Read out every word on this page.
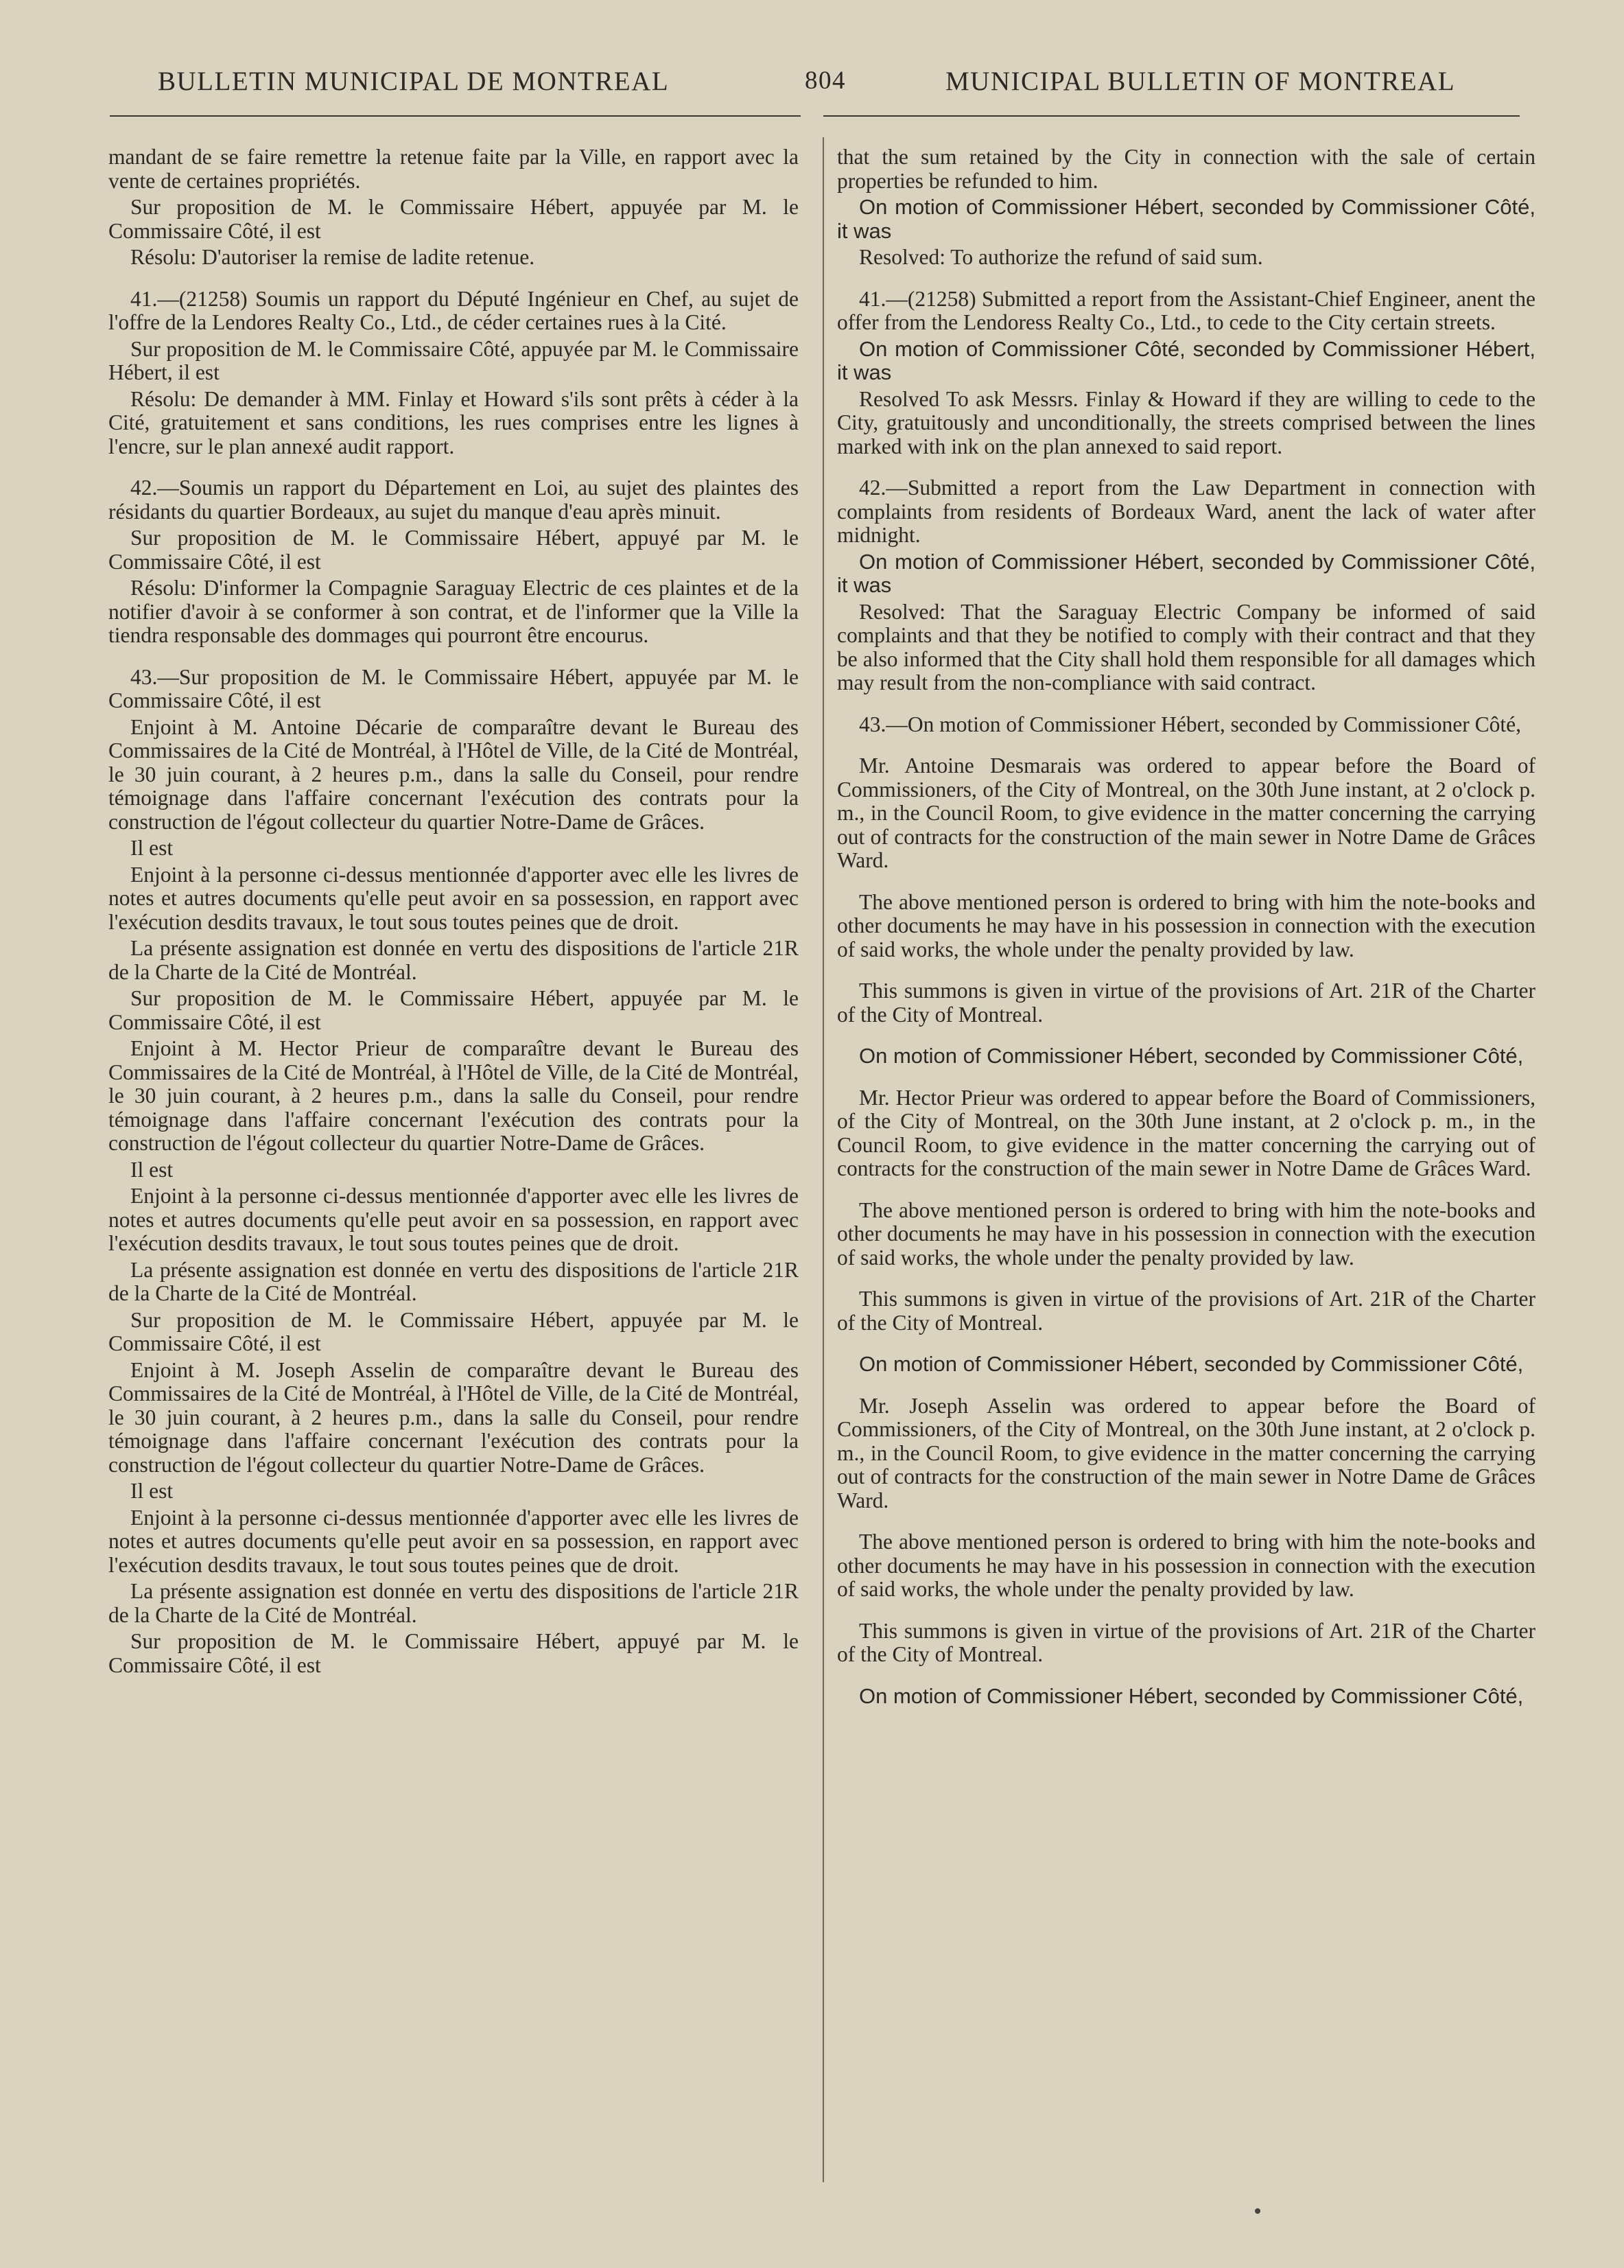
BULLETIN MUNICIPAL DE MONTREAL	804	MUNICIPAL BULLETIN OF MONTREAL

mandant de se faire remettre la retenue faite par la Ville, en rapport avec la vente de certaines propriétés.

Sur proposition de M. le Commissaire Hébert, appuyée par M. le Commissaire Côté, il est

Résolu: D'autoriser la remise de ladite retenue.

41.—(21258) Soumis un rapport du Député Ingénieur en Chef, au sujet de l'offre de la Lendores Realty Co., Ltd., de céder certaines rues à la Cité.

Sur proposition de M. le Commissaire Côté, appuyée par M. le Commissaire Hébert, il est

Résolu: De demander à MM. Finlay et Howard s'ils sont prêts à céder à la Cité, gratuitement et sans conditions, les rues comprises entre les lignes à l'encre, sur le plan annexé audit rapport.

42.—Soumis un rapport du Département en Loi, au sujet des plaintes des résidants du quartier Bordeaux, au sujet du manque d'eau après minuit.

Sur proposition de M. le Commissaire Hébert, appuyé par M. le Commissaire Côté, il est

Résolu: D'informer la Compagnie Saraguay Electric de ces plaintes et de la notifier d'avoir à se conformer à son contrat, et de l'informer que la Ville la tiendra responsable des dommages qui pourront être encourus.

43.—Sur proposition de M. le Commissaire Hébert, appuyée par M. le Commissaire Côté, il est

Enjoint à M. Antoine Décarie de comparaître devant le Bureau des Commissaires de la Cité de Montréal, à l'Hôtel de Ville, de la Cité de Montréal, le 30 juin courant, à 2 heures p.m., dans la salle du Conseil, pour rendre témoignage dans l'affaire concernant l'exécution des contrats pour la construction de l'égout collecteur du quartier Notre-Dame de Grâces.

Il est

Enjoint à la personne ci-dessus mentionnée d'apporter avec elle les livres de notes et autres documents qu'elle peut avoir en sa possession, en rapport avec l'exécution desdits travaux, le tout sous toutes peines que de droit.

La présente assignation est donnée en vertu des dispositions de l'article 21R de la Charte de la Cité de Montréal.

Sur proposition de M. le Commissaire Hébert, appuyée par M. le Commissaire Côté, il est

Enjoint à M. Hector Prieur de comparaître devant le Bureau des Commissaires de la Cité de Montréal, à l'Hôtel de Ville, de la Cité de Montréal, le 30 juin courant, à 2 heures p.m., dans la salle du Conseil, pour rendre témoignage dans l'affaire concernant l'exécution des contrats pour la construction de l'égout collecteur du quartier Notre-Dame de Grâces.

Il est

Enjoint à la personne ci-dessus mentionnée d'apporter avec elle les livres de notes et autres documents qu'elle peut avoir en sa possession, en rapport avec l'exécution desdits travaux, le tout sous toutes peines que de droit.

La présente assignation est donnée en vertu des dispositions de l'article 21R de la Charte de la Cité de Montréal.

Sur proposition de M. le Commissaire Hébert, appuyée par M. le Commissaire Côté, il est

Enjoint à M. Joseph Asselin de comparaître devant le Bureau des Commissaires de la Cité de Montréal, à l'Hôtel de Ville, de la Cité de Montréal, le 30 juin courant, à 2 heures p.m., dans la salle du Conseil, pour rendre témoignage dans l'affaire concernant l'exécution des contrats pour la construction de l'égout collecteur du quartier Notre-Dame de Grâces.

Il est

Enjoint à la personne ci-dessus mentionnée d'apporter avec elle les livres de notes et autres documents qu'elle peut avoir en sa possession, en rapport avec l'exécution desdits travaux, le tout sous toutes peines que de droit.

La présente assignation est donnée en vertu des dispositions de l'article 21R de la Charte de la Cité de Montréal.

Sur proposition de M. le Commissaire Hébert, appuyé par M. le Commissaire Côté, il est

that the sum retained by the City in connection with the sale of certain properties be refunded to him.

On motion of Commissioner Hébert, seconded by Commissioner Côté, it was

Resolved: To authorize the refund of said sum.

41.—(21258) Submitted a report from the Assistant-Chief Engineer, anent the offer from the Lendoress Realty Co., Ltd., to cede to the City certain streets.

On motion of Commissioner Côté, seconded by Commissioner Hébert, it was

Resolved To ask Messrs. Finlay & Howard if they are willing to cede to the City, gratuitously and unconditionally, the streets comprised between the lines marked with ink on the plan annexed to said report.

42.—Submitted a report from the Law Department in connection with complaints from residents of Bordeaux Ward, anent the lack of water after midnight.

On motion of Commissioner Hébert, seconded by Commissioner Côté, it was

Resolved: That the Saraguay Electric Company be informed of said complaints and that they be notified to comply with their contract and that they be also informed that the City shall hold them responsible for all damages which may result from the non-compliance with said contract.

43.—On motion of Commissioner Hébert, seconded by Commissioner Côté,

Mr. Antoine Desmarais was ordered to appear before the Board of Commissioners, of the City of Montreal, on the 30th June instant, at 2 o'clock p. m., in the Council Room, to give evidence in the matter concerning the carrying out of contracts for the construction of the main sewer in Notre Dame de Grâces Ward.

The above mentioned person is ordered to bring with him the note-books and other documents he may have in his possession in connection with the execution of said works, the whole under the penalty provided by law.

This summons is given in virtue of the provisions of Art. 21R of the Charter of the City of Montreal.

On motion of Commissioner Hébert, seconded by Commissioner Côté,

Mr. Hector Prieur was ordered to appear before the Board of Commissioners, of the City of Montreal, on the 30th June instant, at 2 o'clock p. m., in the Council Room, to give evidence in the matter concerning the carrying out of contracts for the construction of the main sewer in Notre Dame de Grâces Ward.

The above mentioned person is ordered to bring with him the note-books and other documents he may have in his possession in connection with the execution of said works, the whole under the penalty provided by law.

This summons is given in virtue of the provisions of Art. 21R of the Charter of the City of Montreal.

On motion of Commissioner Hébert, seconded by Commissioner Côté,

Mr. Joseph Asselin was ordered to appear before the Board of Commissioners, of the City of Montreal, on the 30th June instant, at 2 o'clock p. m., in the Council Room, to give evidence in the matter concerning the carrying out of contracts for the construction of the main sewer in Notre Dame de Grâces Ward.

The above mentioned person is ordered to bring with him the note-books and other documents he may have in his possession in connection with the execution of said works, the whole under the penalty provided by law.

This summons is given in virtue of the provisions of Art. 21R of the Charter of the City of Montreal.

On motion of Commissioner Hébert, seconded by Commissioner Côté,
